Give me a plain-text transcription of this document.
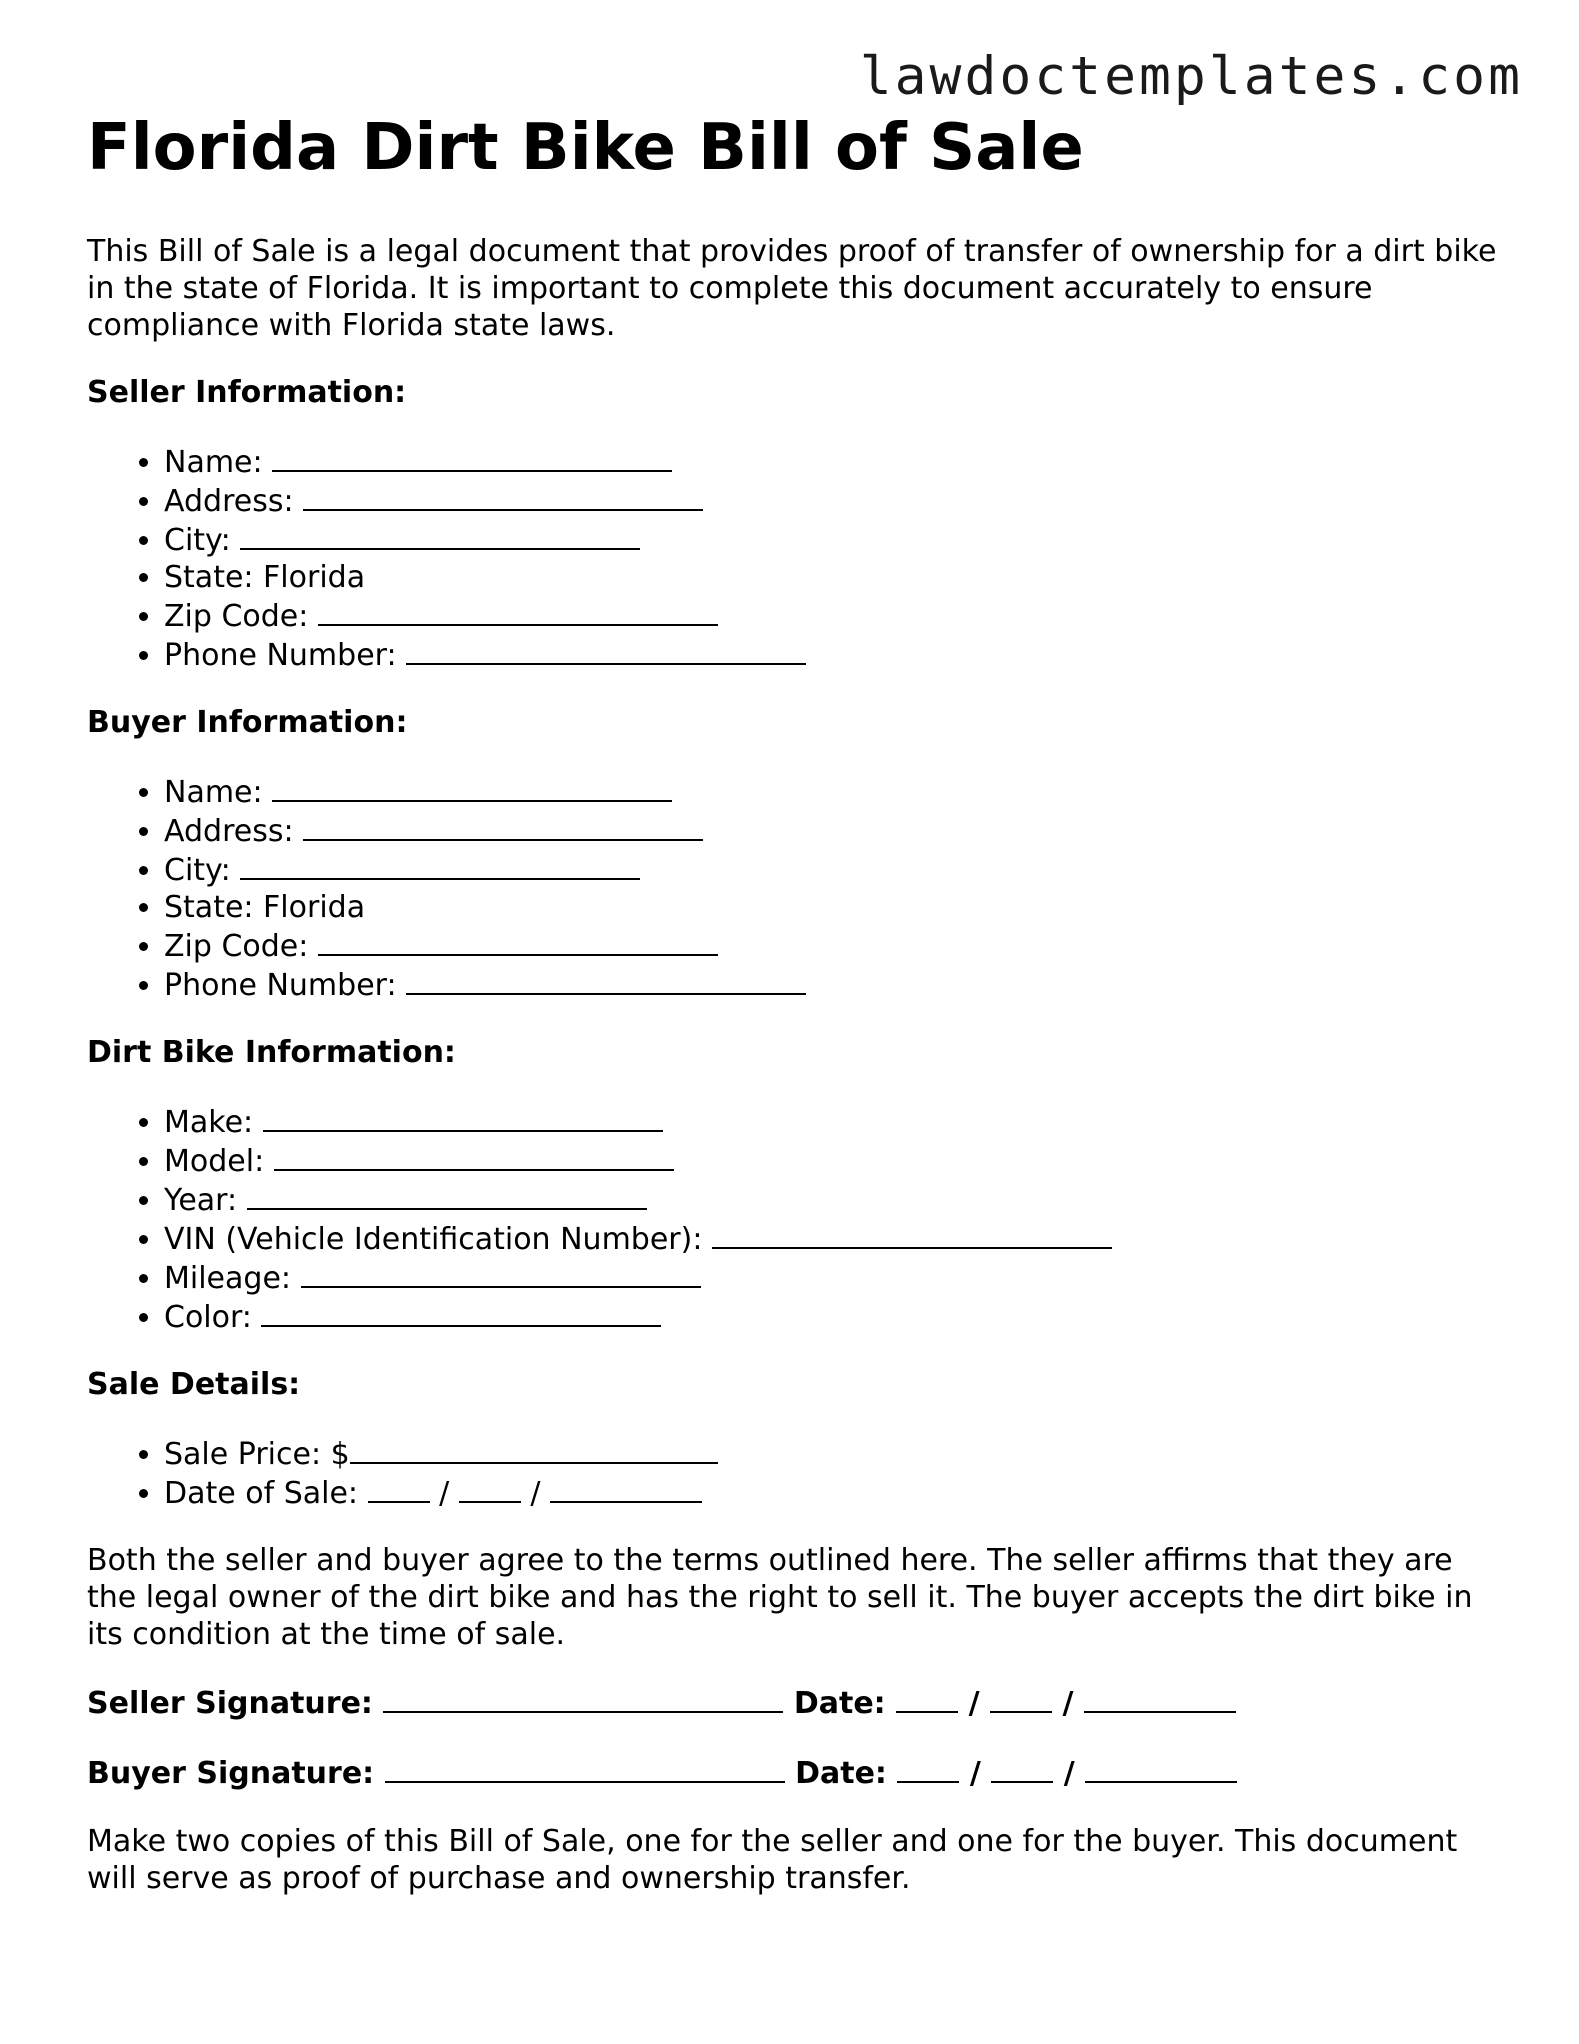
lawdoctemplates.com
Florida Dirt Bike Bill of Sale

This Bill of Sale is a legal document that provides proof of transfer of ownership for a dirt bike in the state of Florida. It is important to complete this document accurately to ensure compliance with Florida state laws.

Seller Information:
• Name:
• Address:
• City:
• State: Florida
• Zip Code:
• Phone Number:
Buyer Information:
• Name:
• Address:
• City:
• State: Florida
• Zip Code:
• Phone Number:
Dirt Bike Information:
• Make:
• Model:
• Year:
• VIN (Vehicle Identification Number):
• Mileage:
• Color:
Sale Details:
• Sale Price: $
• Date of Sale:	/	/

Both the seller and buyer agree to the terms outlined here. The seller affirms that they are the legal owner of the dirt bike and has the right to sell it. The buyer accepts the dirt bike in its condition at the time of sale.

Seller Signature:	Date:	/	/
Buyer Signature:	Date:	/	/

Make two copies of this Bill of Sale, one for the seller and one for the buyer. This document will serve as proof of purchase and ownership transfer.
